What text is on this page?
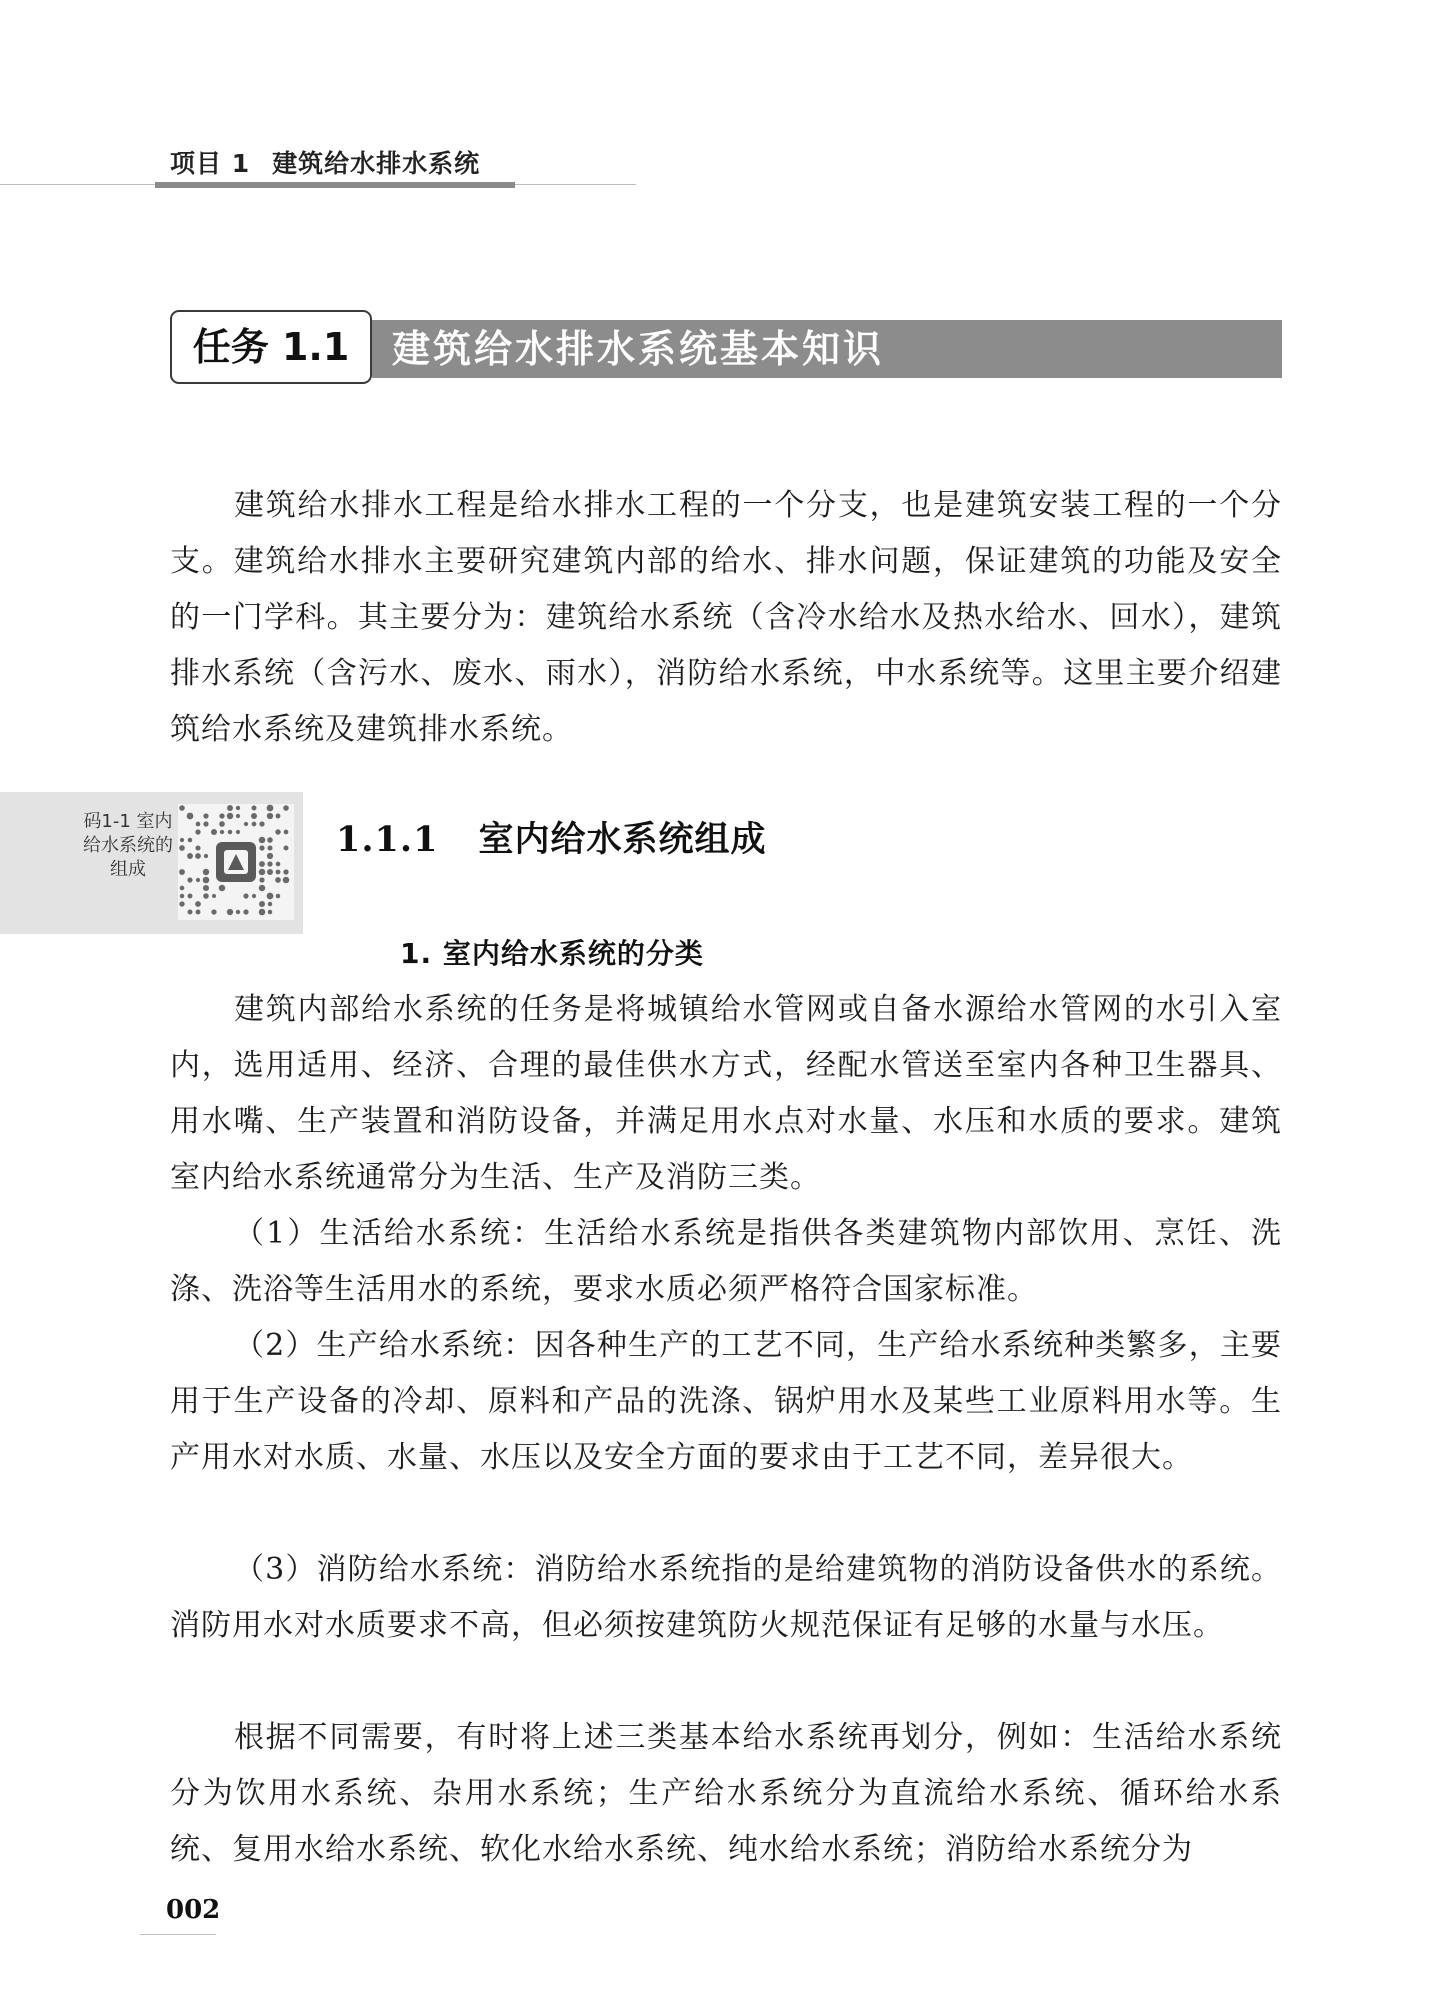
项目 1 建筑给水排水系统
建筑给水排水系统基本知识
任务 1.1

建筑给水排水工程是给水排水工程的一个分支，也是建筑安装工程的一个分支。建筑给水排水主要研究建筑内部的给水、排水问题，保证建筑的功能及安全的一门学科。其主要分为：建筑给水系统（含冷水给水及热水给水、回水），建筑排水系统（含污水、废水、雨水），消防给水系统，中水系统等。这里主要介绍建筑给水系统及建筑排水系统。

码1-1 室内给水系统的组成
1.1.1 室内给水系统组成
1. 室内给水系统的分类

建筑内部给水系统的任务是将城镇给水管网或自备水源给水管网的水引入室内，选用适用、经济、合理的最佳供水方式，经配水管送至室内各种卫生器具、用水嘴、生产装置和消防设备，并满足用水点对水量、水压和水质的要求。建筑室内给水系统通常分为生活、生产及消防三类。

（1）生活给水系统：生活给水系统是指供各类建筑物内部饮用、烹饪、洗涤、洗浴等生活用水的系统，要求水质必须严格符合国家标准。

（2）生产给水系统：因各种生产的工艺不同，生产给水系统种类繁多，主要用于生产设备的冷却、原料和产品的洗涤、锅炉用水及某些工业原料用水等。生产用水对水质、水量、水压以及安全方面的要求由于工艺不同，差异很大。

（3）消防给水系统：消防给水系统指的是给建筑物的消防设备供水的系统。消防用水对水质要求不高，但必须按建筑防火规范保证有足够的水量与水压。

根据不同需要，有时将上述三类基本给水系统再划分，例如：生活给水系统分为饮用水系统、杂用水系统；生产给水系统分为直流给水系统、循环给水系统、复用水给水系统、软化水给水系统、纯水给水系统；消防给水系统分为

002
